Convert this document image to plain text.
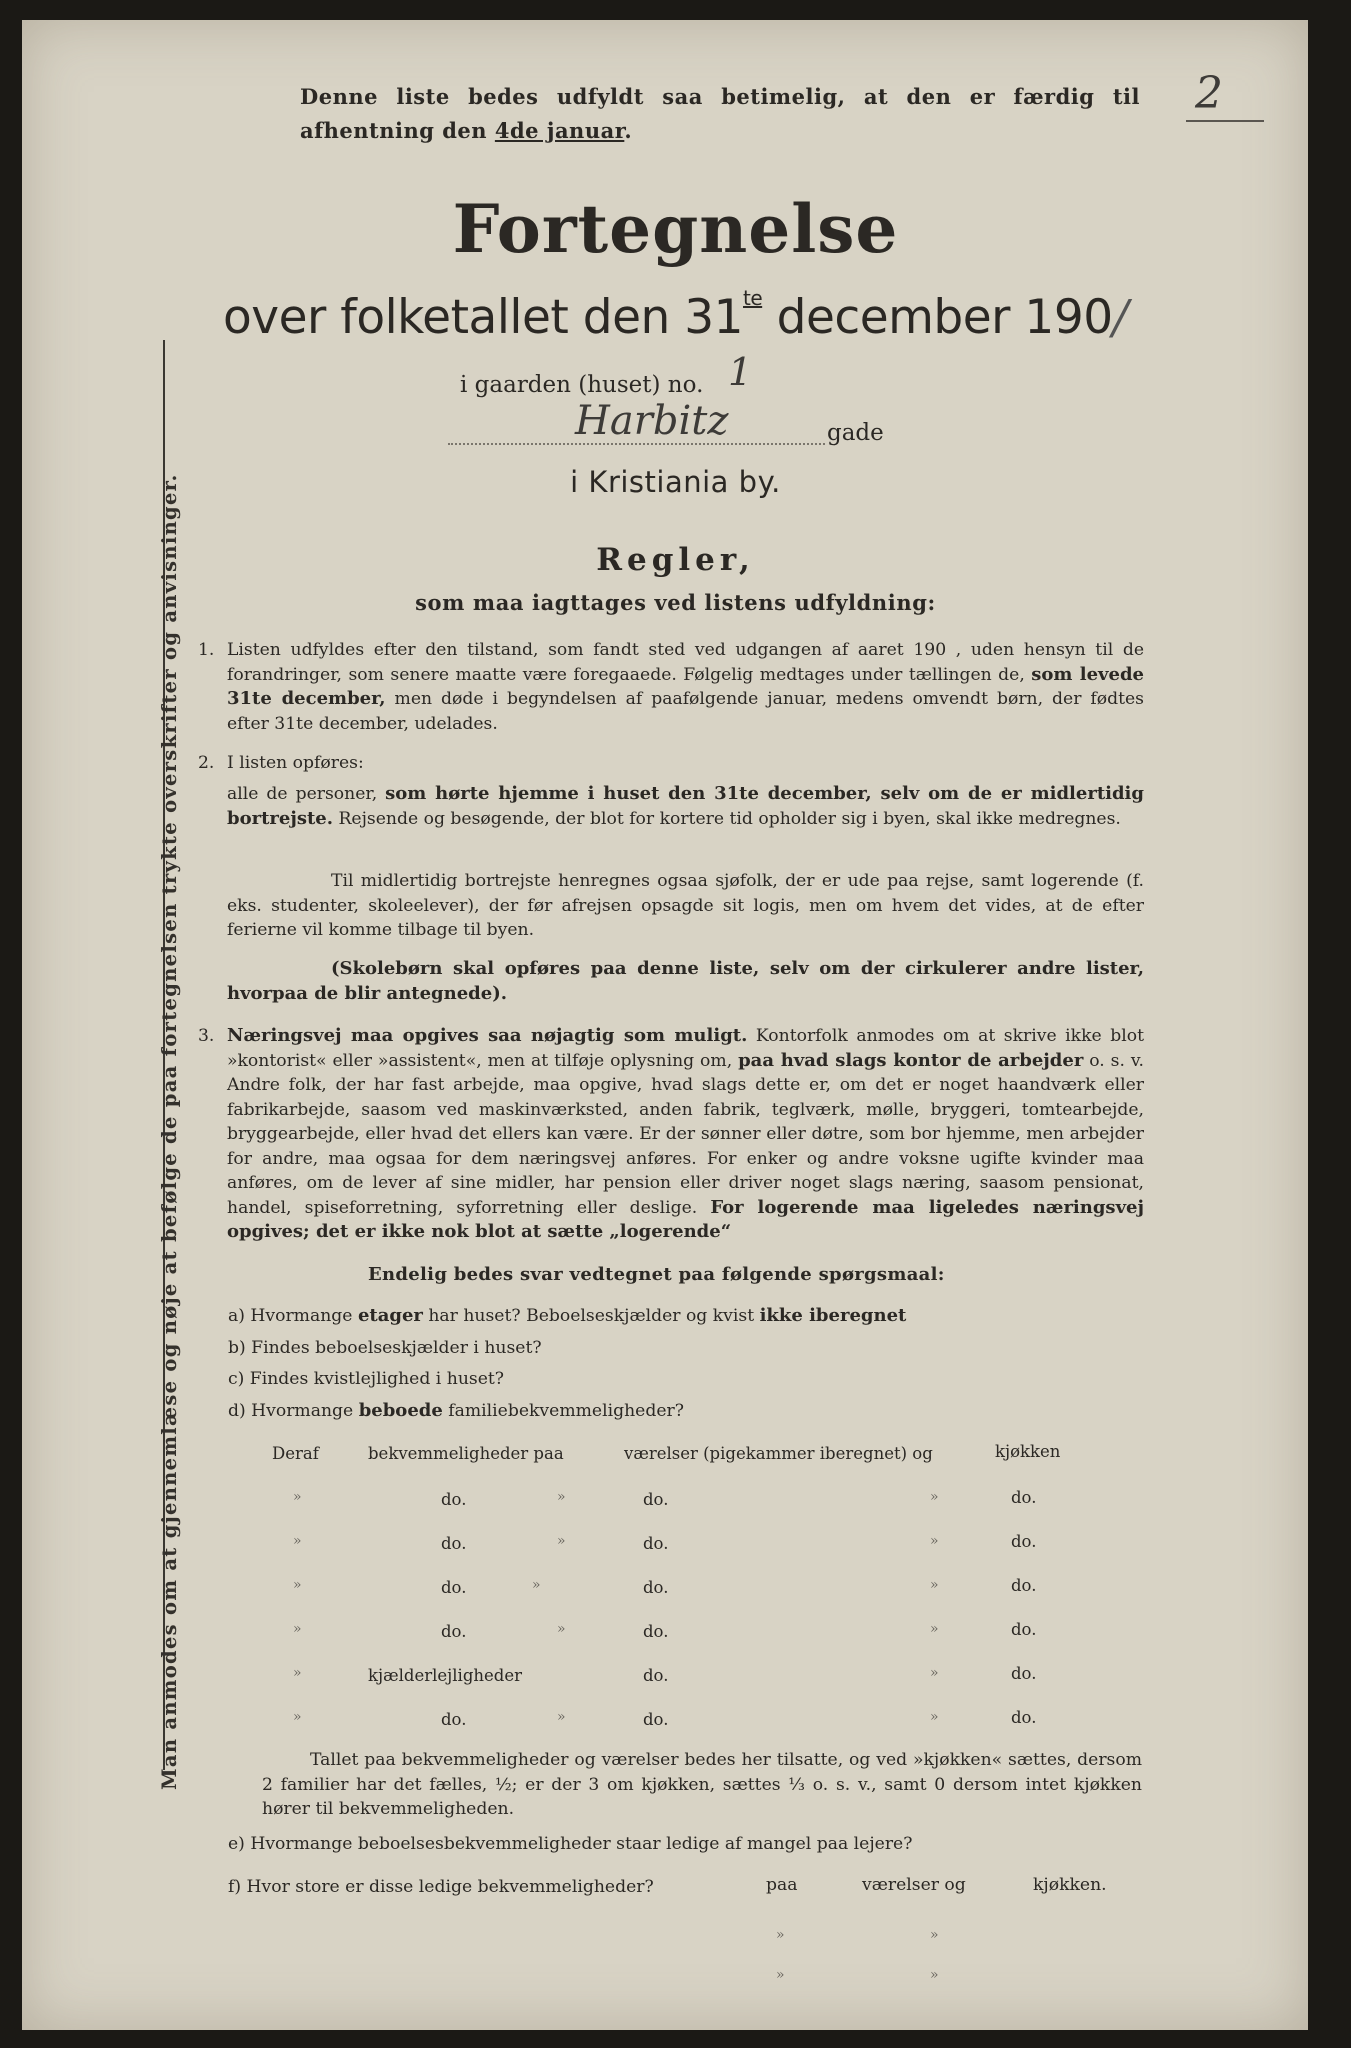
Denne liste bedes udfyldt saa betimelig, at den er færdig til
afhentning den 4de januar.
2
Fortegnelse
over folketallet den $31^{te}$ december 190/
i gaarden (huset) no. 1
Harbitz	gade
i Kristiania by.
Regler,
som maa iagttages ved listens udfyldning:
1. Listen udfyldes efter den tilstand, som fandt sted ved udgangen af aaret 190 , uden hensyn til de forandringer, som senere maatte være foregaaede. Følgelig medtages under tællingen de, som levede 31te december, men døde i begyndelsen af paafølgende januar, medens omvendt børn, der fødtes efter 31te december, udelades.
2. I listen opføres:
alle de personer, som hørte hjemme i huset den 31te december, selv om de er midlertidig bortrejste. Rejsende og besøgende, der blot for kortere tid opholder sig i byen, skal ikke medregnes.
Til midlertidig bortrejste henregnes ogsaa sjøfolk, der er ude paa rejse, samt logerende (f. eks. studenter, skoleelever), der før afrejsen opsagde sit logis, men om hvem det vides, at de efter ferierne vil komme tilbage til byen.
(Skolebørn skal opføres paa denne liste, selv om der cirkulerer andre lister, hvorpaa de blir antegnede).
3. Næringsvej maa opgives saa nøjagtig som muligt. Kontorfolk anmodes om at skrive ikke blot »kontorist« eller »assistent«, men at tilføje oplysning om, paa hvad slags kontor de arbejder o. s. v. Andre folk, der har fast arbejde, maa opgive, hvad slags dette er, om det er noget haandværk eller fabrikarbejde, saasom ved maskinværksted, anden fabrik, teglværk, mølle, bryggeri, tomtearbejde, bryggearbejde, eller hvad det ellers kan være. Er der sønner eller døtre, som bor hjemme, men arbejder for andre, maa ogsaa for dem næringsvej anføres. For enker og andre voksne ugifte kvinder maa anføres, om de lever af sine midler, har pension eller driver noget slags næring, saasom pensionat, handel, spiseforretning, syforretning eller deslige. For logerende maa ligeledes næringsvej opgives; det er ikke nok blot at sætte „logerende“
Endelig bedes svar vedtegnet paa følgende spørgsmaal:
a) Hvormange etager har huset? Beboelseskjælder og kvist ikke iberegnet
b) Findes beboelseskjælder i huset?
c) Findes kvistlejlighed i huset?
d) Hvormange beboede familiebekvemmeligheder?
Deraf	bekvemmeligheder paa	værelser (pigekammer iberegnet) og	kjøkken
»	do.	»	do.	»	do.
»	do.	»	do.	»	do.
»	do.	»	do.	»	do.
»	do.	»	do.	»	do.
»	kjælderlejligheder	do.	»	do.
»	do.	»	do.	»	do.
Tallet paa bekvemmeligheder og værelser bedes her tilsatte, og ved »kjøkken« sættes, dersom 2 familier har det fælles, ½; er der 3 om kjøkken, sættes ⅓ o. s. v., samt 0 dersom intet kjøkken hører til bekvemmeligheden.
e) Hvormange beboelsesbekvemmeligheder staar ledige af mangel paa lejere?
f) Hvor store er disse ledige bekvemmeligheder?	paa	værelser og	kjøkken.
»	»
»	»
Man anmodes om at gjennemlæse og nøje at befølge de paa fortegnelsen trykte overskrifter og anvisninger.
